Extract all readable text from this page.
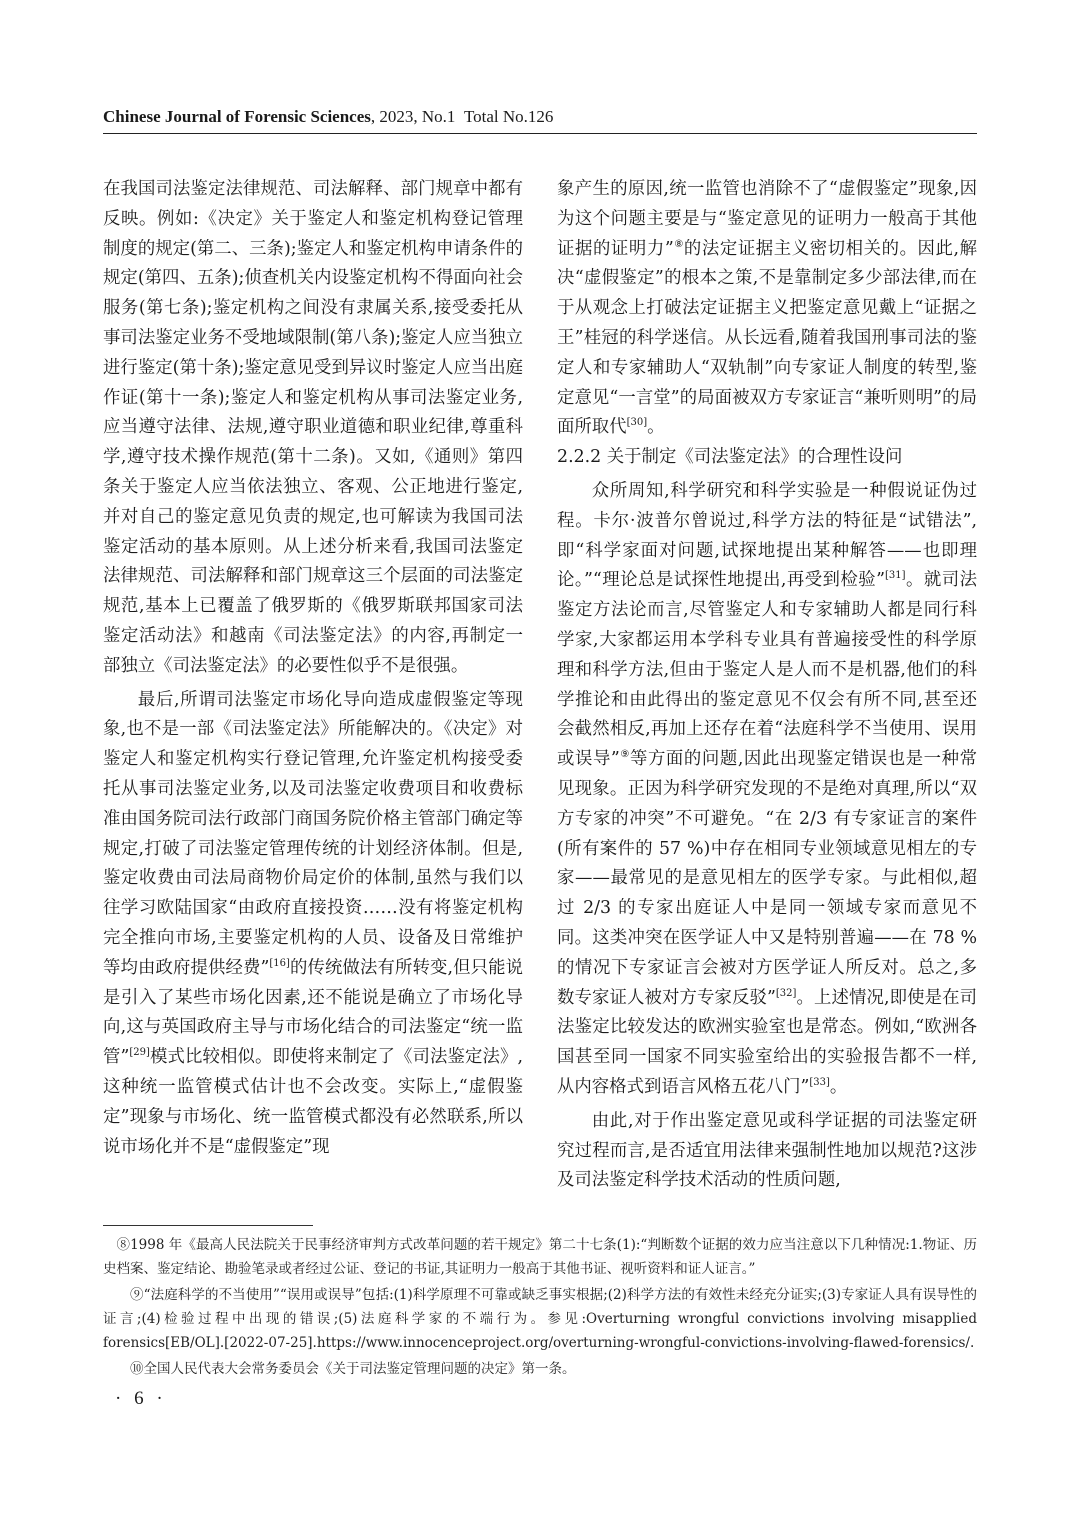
Chinese Journal of Forensic Sciences, 2023, No.1 Total No.126

在我国司法鉴定法律规范、司法解释、部门规章中都有反映。例如:《决定》关于鉴定人和鉴定机构登记管理制度的规定(第二、三条);鉴定人和鉴定机构申请条件的规定(第四、五条);侦查机关内设鉴定机构不得面向社会服务(第七条);鉴定机构之间没有隶属关系,接受委托从事司法鉴定业务不受地域限制(第八条);鉴定人应当独立进行鉴定(第十条);鉴定意见受到异议时鉴定人应当出庭作证(第十一条);鉴定人和鉴定机构从事司法鉴定业务,应当遵守法律、法规,遵守职业道德和职业纪律,尊重科学,遵守技术操作规范(第十二条)。又如,《通则》第四条关于鉴定人应当依法独立、客观、公正地进行鉴定,并对自己的鉴定意见负责的规定,也可解读为我国司法鉴定活动的基本原则。从上述分析来看,我国司法鉴定法律规范、司法解释和部门规章这三个层面的司法鉴定规范,基本上已覆盖了俄罗斯的《俄罗斯联邦国家司法鉴定活动法》和越南《司法鉴定法》的内容,再制定一部独立《司法鉴定法》的必要性似乎不是很强。

最后,所谓司法鉴定市场化导向造成虚假鉴定等现象,也不是一部《司法鉴定法》所能解决的。《决定》对鉴定人和鉴定机构实行登记管理,允许鉴定机构接受委托从事司法鉴定业务,以及司法鉴定收费项目和收费标准由国务院司法行政部门商国务院价格主管部门确定等规定,打破了司法鉴定管理传统的计划经济体制。但是,鉴定收费由司法局商物价局定价的体制,虽然与我们以往学习欧陆国家“由政府直接投资……没有将鉴定机构完全推向市场,主要鉴定机构的人员、设备及日常维护等均由政府提供经费”[16]的传统做法有所转变,但只能说是引入了某些市场化因素,还不能说是确立了市场化导向,这与英国政府主导与市场化结合的司法鉴定“统一监管”[29]模式比较相似。即使将来制定了《司法鉴定法》,这种统一监管模式估计也不会改变。实际上,“虚假鉴定”现象与市场化、统一监管模式都没有必然联系,所以说市场化并不是“虚假鉴定”现

象产生的原因,统一监管也消除不了“虚假鉴定”现象,因为这个问题主要是与“鉴定意见的证明力一般高于其他证据的证明力”⑧的法定证据主义密切相关的。因此,解决“虚假鉴定”的根本之策,不是靠制定多少部法律,而在于从观念上打破法定证据主义把鉴定意见戴上“证据之王”桂冠的科学迷信。从长远看,随着我国刑事司法的鉴定人和专家辅助人“双轨制”向专家证人制度的转型,鉴定意见“一言堂”的局面被双方专家证言“兼听则明”的局面所取代[30]。

2.2.2 关于制定《司法鉴定法》的合理性设问

众所周知,科学研究和科学实验是一种假说证伪过程。卡尔·波普尔曾说过,科学方法的特征是“试错法”,即“科学家面对问题,试探地提出某种解答——也即理论。”“理论总是试探性地提出,再受到检验”[31]。就司法鉴定方法论而言,尽管鉴定人和专家辅助人都是同行科学家,大家都运用本学科专业具有普遍接受性的科学原理和科学方法,但由于鉴定人是人而不是机器,他们的科学推论和由此得出的鉴定意见不仅会有所不同,甚至还会截然相反,再加上还存在着“法庭科学不当使用、误用或误导”⑨等方面的问题,因此出现鉴定错误也是一种常见现象。正因为科学研究发现的不是绝对真理,所以“双方专家的冲突”不可避免。“在 2/3 有专家证言的案件(所有案件的 57 %)中存在相同专业领域意见相左的专家——最常见的是意见相左的医学专家。与此相似,超过 2/3 的专家出庭证人中是同一领域专家而意见不同。这类冲突在医学证人中又是特别普遍——在 78 %的情况下专家证言会被对方医学证人所反对。总之,多数专家证人被对方专家反驳”[32]。上述情况,即使是在司法鉴定比较发达的欧洲实验室也是常态。例如,“欧洲各国甚至同一国家不同实验室给出的实验报告都不一样,从内容格式到语言风格五花八门”[33]。

由此,对于作出鉴定意见或科学证据的司法鉴定研究过程而言,是否适宜用法律来强制性地加以规范?这涉及司法鉴定科学技术活动的性质问题,

⑧1998 年《最高人民法院关于民事经济审判方式改革问题的若干规定》第二十七条(1):“判断数个证据的效力应当注意以下几种情况:1.物证、历史档案、鉴定结论、勘验笔录或者经过公证、登记的书证,其证明力一般高于其他书证、视听资料和证人证言。”

⑨“法庭科学的不当使用”“误用或误导”包括:(1)科学原理不可靠或缺乏事实根据;(2)科学方法的有效性未经充分证实;(3)专家证人具有误导性的证言;(4)检验过程中出现的错误;(5)法庭科学家的不端行为。参见:Overturning wrongful convictions involving misapplied forensics[EB/OL].[2022-07-25].https://www.innocenceproject.org/overturning-wrongful-convictions-involving-flawed-forensics/.

⑩全国人民代表大会常务委员会《关于司法鉴定管理问题的决定》第一条。

· 6 ·
